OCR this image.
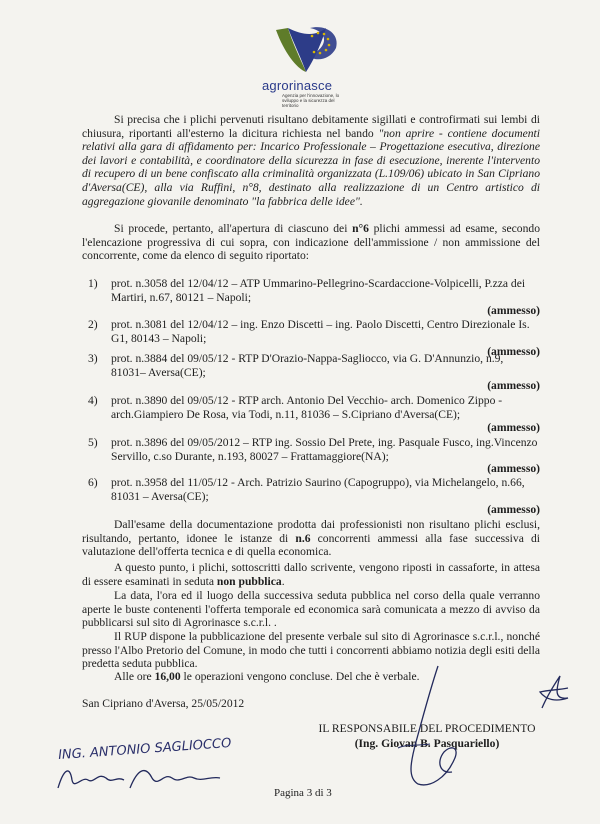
agrorinasce
Agenzia per l'innovazione, lo sviluppo e la sicurezza del territorio
Si precisa che i plichi pervenuti risultano debitamente sigillati e controfirmati sui lembi di chiusura, riportanti all'esterno la dicitura richiesta nel bando "non aprire - contiene documenti relativi alla gara di affidamento per: Incarico Professionale – Progettazione esecutiva, direzione dei lavori e contabilità, e coordinatore della sicurezza in fase di esecuzione, inerente l'intervento di recupero di un bene confiscato alla criminalità organizzata (L.109/06) ubicato in San Cipriano d'Aversa(CE), alla via Ruffini, n°8, destinato alla realizzazione di un Centro artistico di aggregazione giovanile denominato "la fabbrica delle idee".
Si procede, pertanto, all'apertura di ciascuno dei n°6 plichi ammessi ad esame, secondo l'elencazione progressiva di cui sopra, con indicazione dell'ammissione / non ammissione del concorrente, come da elenco di seguito riportato:
1)	prot. n.3058 del 12/04/12 – ATP Ummarino-Pellegrino-Scardaccione-Volpicelli, P.zza dei Martiri, n.67, 80121 – Napoli;
(ammesso)
2)	prot. n.3081 del 12/04/12 – ing. Enzo Discetti – ing. Paolo Discetti, Centro Direzionale Is. G1, 80143 – Napoli;
(ammesso)
3)	prot. n.3884 del 09/05/12 - RTP D'Orazio-Nappa-Sagliocco, via G. D'Annunzio, n.9, 81031– Aversa(CE);
(ammesso)
4)	prot. n.3890 del 09/05/12 - RTP arch. Antonio Del Vecchio- arch. Domenico Zippo - arch.Giampiero De Rosa, via Todi, n.11, 81036 – S.Cipriano d'Aversa(CE);
(ammesso)
5)	prot. n.3896 del 09/05/2012 – RTP ing. Sossio Del Prete, ing. Pasquale Fusco, ing.Vincenzo Servillo, c.so Durante, n.193, 80027 – Frattamaggiore(NA);
(ammesso)
6)	prot. n.3958 del 11/05/12 - Arch. Patrizio Saurino (Capogruppo), via Michelangelo, n.66, 81031 – Aversa(CE);
(ammesso)
Dall'esame della documentazione prodotta dai professionisti non risultano plichi esclusi, risultando, pertanto, idonee le istanze di n.6 concorrenti ammessi alla fase successiva di valutazione dell'offerta tecnica e di quella economica.
A questo punto, i plichi, sottoscritti dallo scrivente, vengono riposti in cassaforte, in attesa di essere esaminati in seduta non pubblica.
La data, l'ora ed il luogo della successiva seduta pubblica nel corso della quale verranno aperte le buste contenenti l'offerta temporale ed economica sarà comunicata a mezzo di avviso da pubblicarsi sul sito di Agrorinasce s.c.r.l. .
Il RUP dispone la pubblicazione del presente verbale sul sito di Agrorinasce s.c.r.l., nonché presso l'Albo Pretorio del Comune, in modo che tutti i concorrenti abbiamo notizia degli esiti della predetta seduta pubblica.
Alle ore 16,00 le operazioni vengono concluse. Del che è verbale.
San Cipriano d'Aversa, 25/05/2012
IL RESPONSABILE DEL PROCEDIMENTO
(Ing. Giovan B. Pasquariello)
ING. ANTONIO SAGLIOCCO
Pagina 3 di 3
